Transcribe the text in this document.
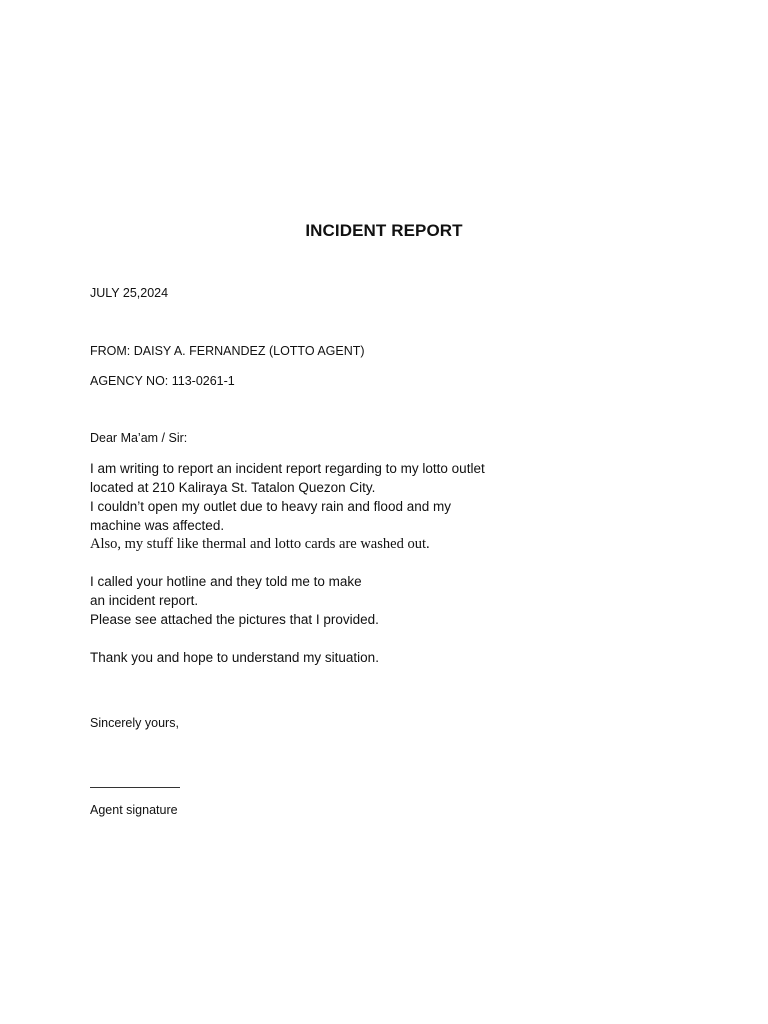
INCIDENT REPORT
JULY 25,2024
FROM: DAISY A. FERNANDEZ (LOTTO AGENT)
AGENCY NO: 113-0261-1
Dear Ma’am / Sir:
I am writing to report an incident report regarding to my lotto outlet
located at 210 Kaliraya St. Tatalon Quezon City.
I couldn’t open my outlet due to heavy rain and flood and my
machine was affected.
Also, my stuff like thermal and lotto cards are washed out.
I called your hotline and they told me to make
an incident report.
Please see attached the pictures that I provided.
Thank you and hope to understand my situation.
Sincerely yours,
Agent signature
